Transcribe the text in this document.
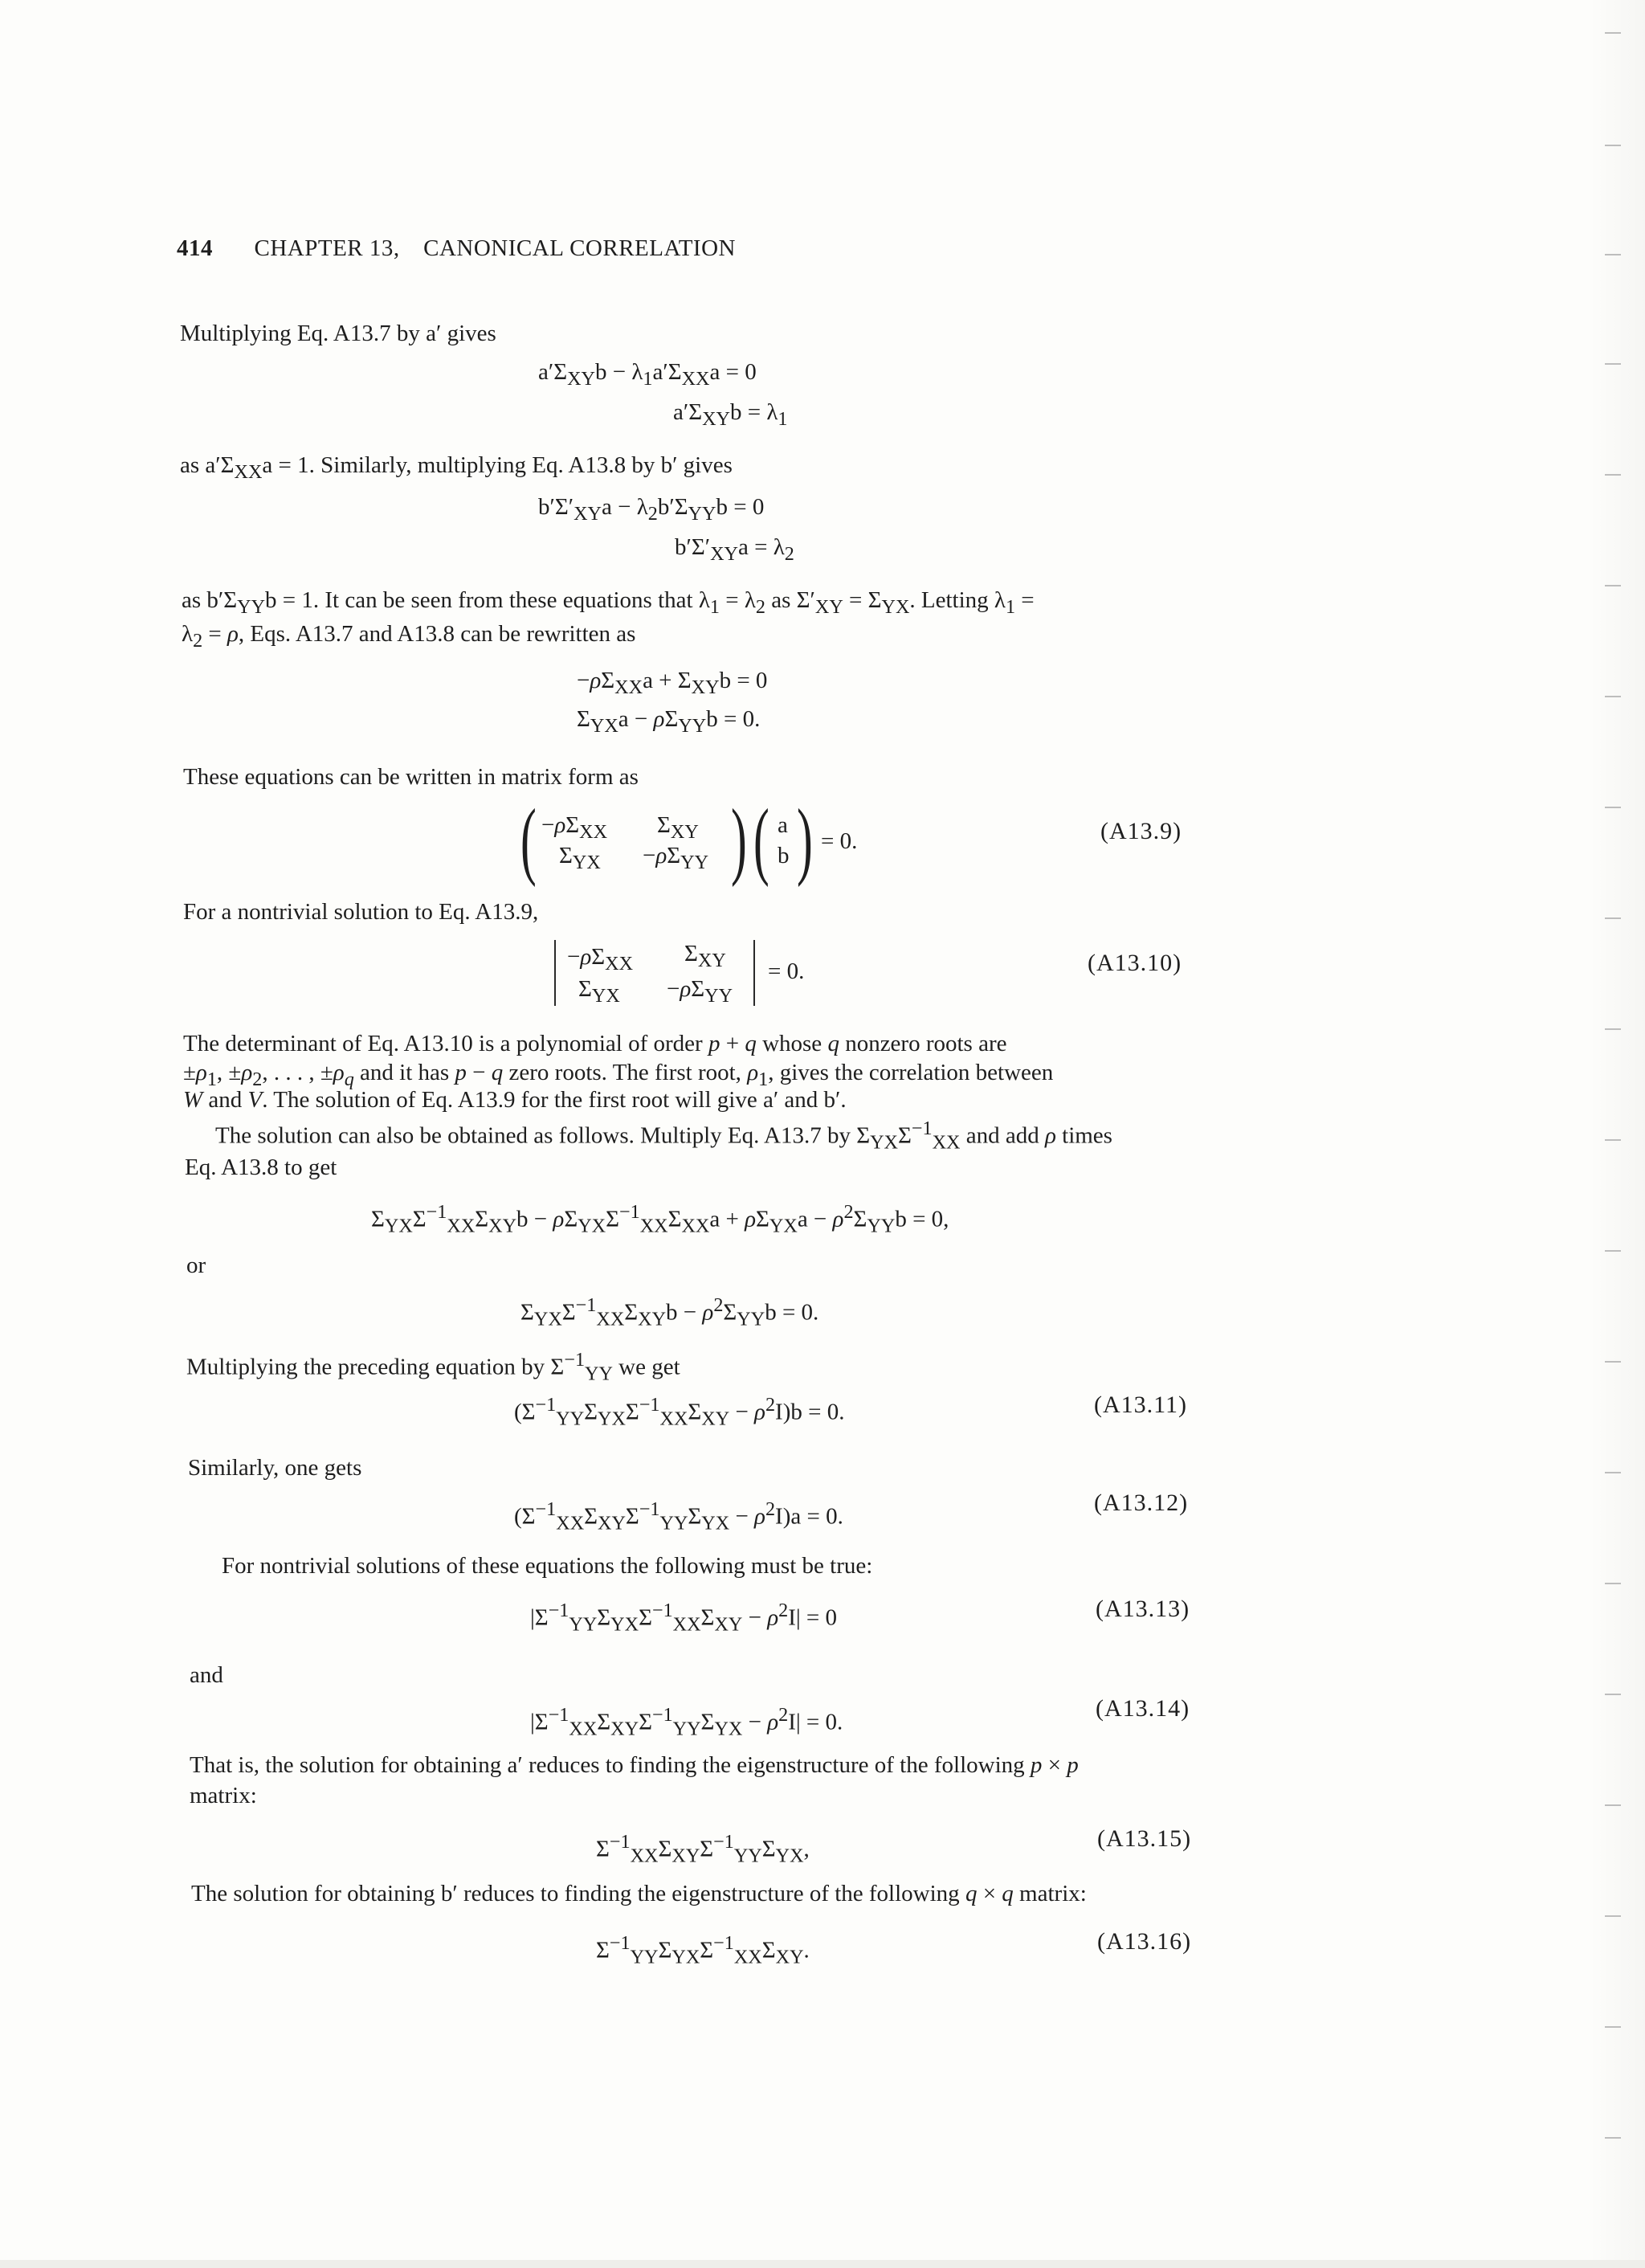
414 CHAPTER 13, CANONICAL CORRELATION
Multiplying Eq. A13.7 by a′ gives
$a'\Sigma_{XY}b - \lambda_1a'\Sigma_{XX}a = 0$
$a'\Sigma_{XY}b = \lambda_1$
as $a'\Sigma_{XX}a = 1$. Similarly, multiplying Eq. A13.8 by b′ gives
$b'\Sigma'_{XY}a - \lambda_2b'\Sigma_{YY}b = 0$
$b'\Sigma'_{XY}a = \lambda_2$
as $b'\Sigma_{YY}b = 1$. It can be seen from these equations that $\lambda_1 = \lambda_2$ as $\Sigma'_{XY} = \Sigma_{YX}$. Letting $\lambda_1$ =
$\lambda_2 = \rho$, Eqs. A13.7 and A13.8 can be rewritten as
$-\rho\Sigma_{XX}a + \Sigma_{XY}b = 0$
$\Sigma_{YX}a - \rho\Sigma_{YY}b = 0$.
These equations can be written in matrix form as
( $-\rho\Sigma_{XX}$ $\Sigma_{XY}$
$\Sigma_{YX} -\rho\Sigma_{YY}$ ) ( a
b ) = 0.	(A13.9)
For a nontrivial solution to Eq. A13.9,
$-\rho\Sigma_{XX}$ $\Sigma_{XY}$
$\Sigma_{YX} -\rho\Sigma_{YY}$
= 0.	(A13.10)
The determinant of Eq. A13.10 is a polynomial of order p + q whose q nonzero roots are
$\pm\rho_1$, $\pm\rho_2$, . . . , $\pm\rho_q$ and it has p − q zero roots. The first root, $\rho_1$, gives the correlation between
W and V. The solution of Eq. A13.9 for the first root will give a′ and b′.
The solution can also be obtained as follows. Multiply Eq. A13.7 by $\Sigma_{YX}\Sigma^{-1}_{XX}$ and add ρ times
Eq. A13.8 to get
$\Sigma_{YX}\Sigma^{-1}_{XX}\Sigma_{XY}b - \rho\Sigma_{YX}\Sigma^{-1}_{XX}\Sigma_{XX}a + \rho\Sigma_{YX}a - \rho^2\Sigma_{YY}b = 0$,
or
$\Sigma_{YX}\Sigma^{-1}_{XX}\Sigma_{XY}b - \rho^2\Sigma_{YY}b = 0$.
Multiplying the preceding equation by $\Sigma^{-1}_{YY}$ we get
$(\Sigma^{-1}_{YY}\Sigma_{YX}\Sigma^{-1}_{XX}\Sigma_{XY} - \rho^2I)b = 0$.	(A13.11)
Similarly, one gets
$(\Sigma^{-1}_{XX}\Sigma_{XY}\Sigma^{-1}_{YY}\Sigma_{YX} - \rho^2I)a = 0$.
(A13.12)
For nontrivial solutions of these equations the following must be true:
$|\Sigma^{-1}_{YY}\Sigma_{YX}\Sigma^{-1}_{XX}\Sigma_{XY} - \rho^2I| = 0$	(A13.13)
and
$|\Sigma^{-1}_{XX}\Sigma_{XY}\Sigma^{-1}_{YY}\Sigma_{YX} - \rho^2I| = 0$.
(A13.14)
That is, the solution for obtaining a′ reduces to finding the eigenstructure of the following p × p
matrix:
$\Sigma^{-1}_{XX}\Sigma_{XY}\Sigma^{-1}_{YY}\Sigma_{YX}$,	(A13.15)
The solution for obtaining b′ reduces to finding the eigenstructure of the following q × q matrix:
$\Sigma^{-1}_{YY}\Sigma_{YX}\Sigma^{-1}_{XX}\Sigma_{XY}$.	(A13.16)
